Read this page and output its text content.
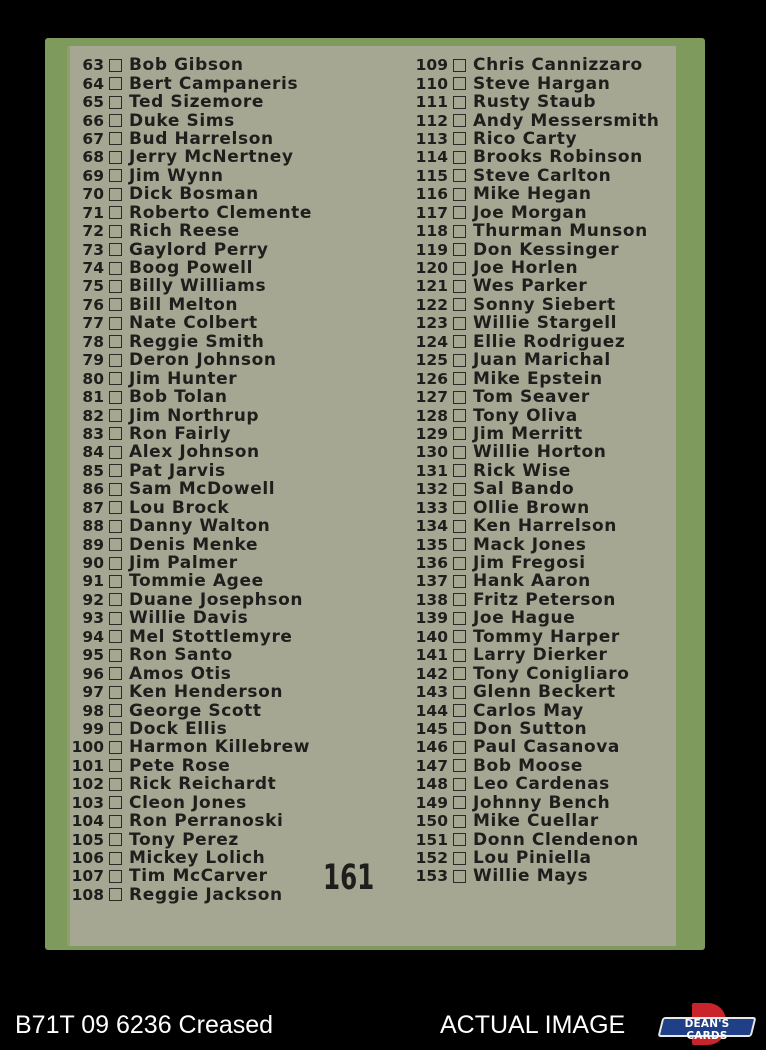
63 Bob Gibson
64 Bert Campaneris
65 Ted Sizemore
66 Duke Sims
67 Bud Harrelson
68 Jerry McNertney
69 Jim Wynn
70 Dick Bosman
71 Roberto Clemente
72 Rich Reese
73 Gaylord Perry
74 Boog Powell
75 Billy Williams
76 Bill Melton
77 Nate Colbert
78 Reggie Smith
79 Deron Johnson
80 Jim Hunter
81 Bob Tolan
82 Jim Northrup
83 Ron Fairly
84 Alex Johnson
85 Pat Jarvis
86 Sam McDowell
87 Lou Brock
88 Danny Walton
89 Denis Menke
90 Jim Palmer
91 Tommie Agee
92 Duane Josephson
93 Willie Davis
94 Mel Stottlemyre
95 Ron Santo
96 Amos Otis
97 Ken Henderson
98 George Scott
99 Dock Ellis
100 Harmon Killebrew
101 Pete Rose
102 Rick Reichardt
103 Cleon Jones
104 Ron Perranoski
105 Tony Perez
106 Mickey Lolich
107 Tim McCarver
108 Reggie Jackson
109 Chris Cannizzaro
110 Steve Hargan
111 Rusty Staub
112 Andy Messersmith
113 Rico Carty
114 Brooks Robinson
115 Steve Carlton
116 Mike Hegan
117 Joe Morgan
118 Thurman Munson
119 Don Kessinger
120 Joe Horlen
121 Wes Parker
122 Sonny Siebert
123 Willie Stargell
124 Ellie Rodriguez
125 Juan Marichal
126 Mike Epstein
127 Tom Seaver
128 Tony Oliva
129 Jim Merritt
130 Willie Horton
131 Rick Wise
132 Sal Bando
133 Ollie Brown
134 Ken Harrelson
135 Mack Jones
136 Jim Fregosi
137 Hank Aaron
138 Fritz Peterson
139 Joe Hague
140 Tommy Harper
141 Larry Dierker
142 Tony Conigliaro
143 Glenn Beckert
144 Carlos May
145 Don Sutton
146 Paul Casanova
147 Bob Moose
148 Leo Cardenas
149 Johnny Bench
150 Mike Cuellar
151 Donn Clendenon
152 Lou Piniella
153 Willie Mays
161
B71T 09 6236 Creased	ACTUAL IMAGE	DEAN'S CARDS
